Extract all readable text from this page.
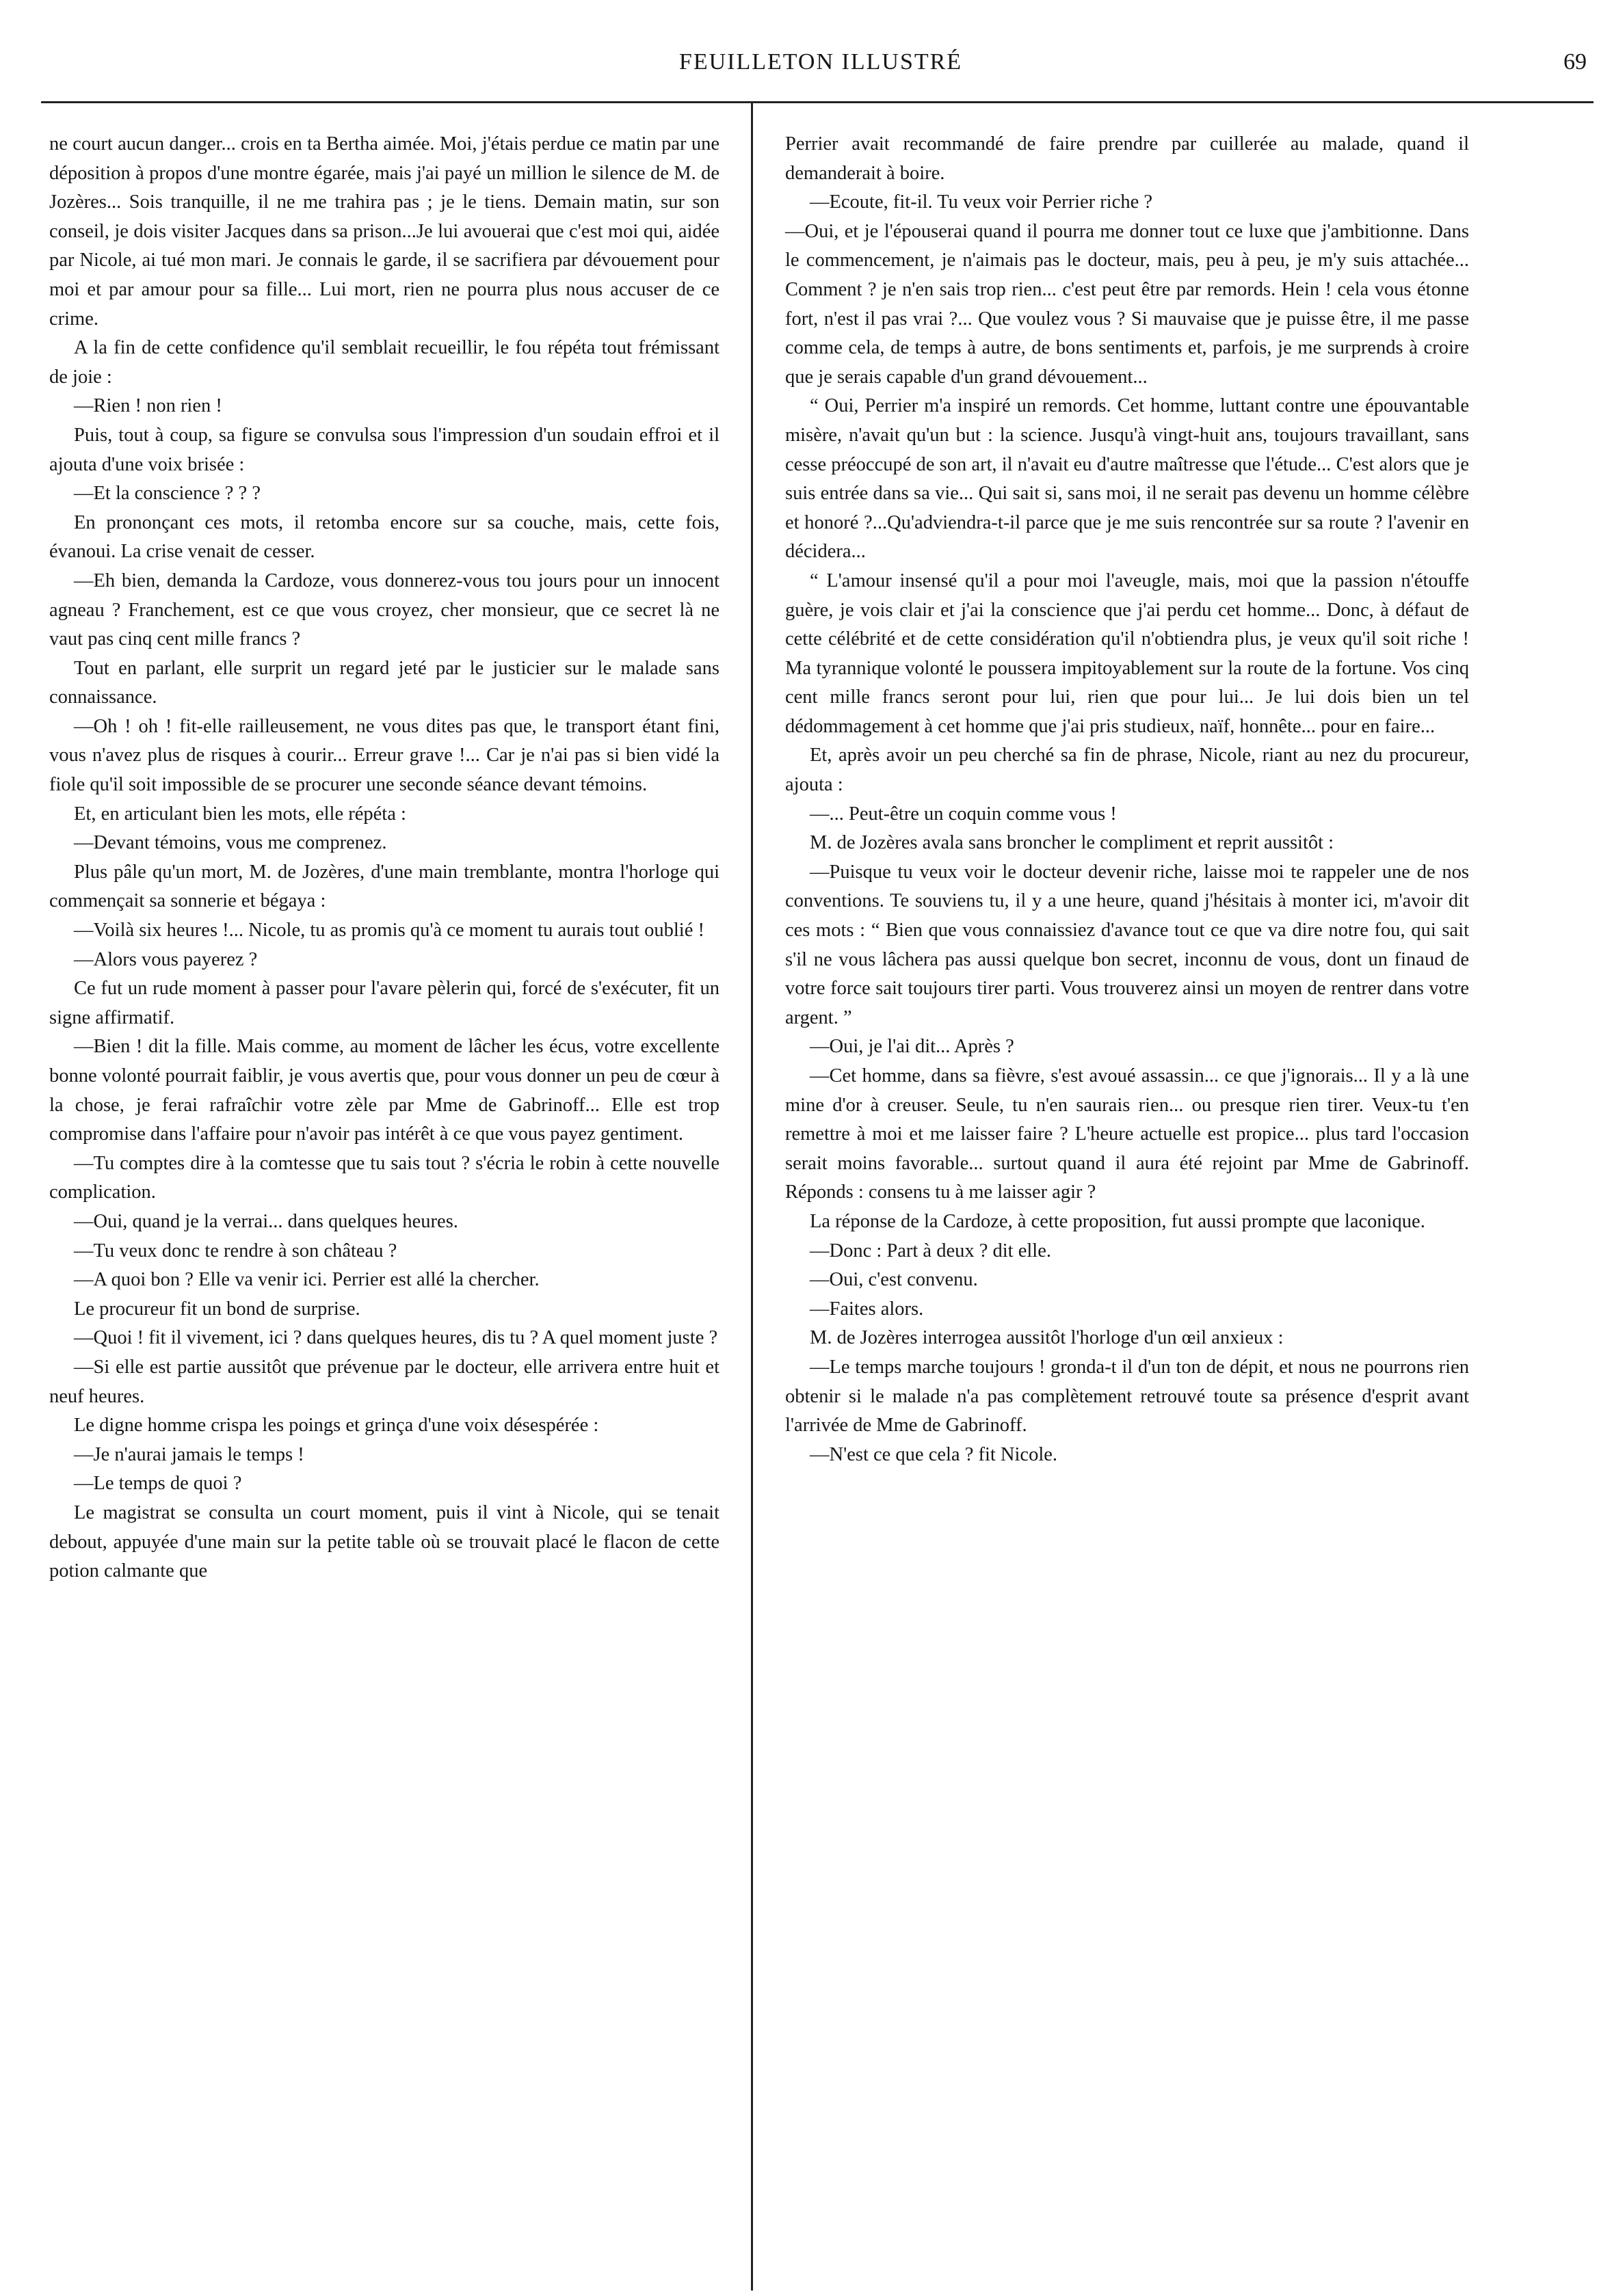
FEUILLETON ILLUSTRÉ	69

ne court aucun danger... crois en ta Bertha aimée. Moi, j'étais perdue ce matin par une déposition à propos d'une montre égarée, mais j'ai payé un million le silence de M. de Jozères... Sois tranquille, il ne me trahira pas ; je le tiens. Demain matin, sur son conseil, je dois visiter Jacques dans sa prison...Je lui avouerai que c'est moi qui, aidée par Nicole, ai tué mon mari. Je connais le garde, il se sacrifiera par dévouement pour moi et par amour pour sa fille... Lui mort, rien ne pourra plus nous accuser de ce crime.

A la fin de cette confidence qu'il semblait recueillir, le fou répéta tout frémissant de joie :

—Rien ! non rien !

Puis, tout à coup, sa figure se convulsa sous l'impression d'un soudain effroi et il ajouta d'une voix brisée :

—Et la conscience ? ? ?

En prononçant ces mots, il retomba encore sur sa couche, mais, cette fois, évanoui. La crise venait de cesser.

—Eh bien, demanda la Cardoze, vous donnerez-vous tou jours pour un innocent agneau ? Franchement, est ce que vous croyez, cher monsieur, que ce secret là ne vaut pas cinq cent mille francs ?

Tout en parlant, elle surprit un regard jeté par le justicier sur le malade sans connaissance.

—Oh ! oh ! fit-elle railleusement, ne vous dites pas que, le transport étant fini, vous n'avez plus de risques à courir... Erreur grave !... Car je n'ai pas si bien vidé la fiole qu'il soit impossible de se procurer une seconde séance devant témoins.

Et, en articulant bien les mots, elle répéta :

—Devant témoins, vous me comprenez.

Plus pâle qu'un mort, M. de Jozères, d'une main tremblante, montra l'horloge qui commençait sa sonnerie et bégaya :

—Voilà six heures !... Nicole, tu as promis qu'à ce moment tu aurais tout oublié !

—Alors vous payerez ?

Ce fut un rude moment à passer pour l'avare pèlerin qui, forcé de s'exécuter, fit un signe affirmatif.

—Bien ! dit la fille. Mais comme, au moment de lâcher les écus, votre excellente bonne volonté pourrait faiblir, je vous avertis que, pour vous donner un peu de cœur à la chose, je ferai rafraîchir votre zèle par Mme de Gabrinoff... Elle est trop compromise dans l'affaire pour n'avoir pas intérêt à ce que vous payez gentiment.

—Tu comptes dire à la comtesse que tu sais tout ? s'écria le robin à cette nouvelle complication.

—Oui, quand je la verrai... dans quelques heures.

—Tu veux donc te rendre à son château ?

—A quoi bon ? Elle va venir ici. Perrier est allé la chercher.

Le procureur fit un bond de surprise.

—Quoi ! fit il vivement, ici ? dans quelques heures, dis tu ? A quel moment juste ?

—Si elle est partie aussitôt que prévenue par le docteur, elle arrivera entre huit et neuf heures.

Le digne homme crispa les poings et grinça d'une voix désespérée :

—Je n'aurai jamais le temps !

—Le temps de quoi ?

Le magistrat se consulta un court moment, puis il vint à Nicole, qui se tenait debout, appuyée d'une main sur la petite table où se trouvait placé le flacon de cette potion calmante que

Perrier avait recommandé de faire prendre par cuillerée au malade, quand il demanderait à boire.

—Ecoute, fit-il. Tu veux voir Perrier riche ?

—Oui, et je l'épouserai quand il pourra me donner tout ce luxe que j'ambitionne. Dans le commencement, je n'aimais pas le docteur, mais, peu à peu, je m'y suis attachée... Comment ? je n'en sais trop rien... c'est peut être par remords. Hein ! cela vous étonne fort, n'est il pas vrai ?... Que voulez vous ? Si mauvaise que je puisse être, il me passe comme cela, de temps à autre, de bons sentiments et, parfois, je me surprends à croire que je serais capable d'un grand dévouement...

“ Oui, Perrier m'a inspiré un remords. Cet homme, luttant contre une épouvantable misère, n'avait qu'un but : la science. Jusqu'à vingt-huit ans, toujours travaillant, sans cesse préoccupé de son art, il n'avait eu d'autre maîtresse que l'étude... C'est alors que je suis entrée dans sa vie... Qui sait si, sans moi, il ne serait pas devenu un homme célèbre et honoré ?...Qu'adviendra-t-il parce que je me suis rencontrée sur sa route ? l'avenir en décidera...

“ L'amour insensé qu'il a pour moi l'aveugle, mais, moi que la passion n'étouffe guère, je vois clair et j'ai la conscience que j'ai perdu cet homme... Donc, à défaut de cette célébrité et de cette considération qu'il n'obtiendra plus, je veux qu'il soit riche ! Ma tyrannique volonté le poussera impitoyablement sur la route de la fortune. Vos cinq cent mille francs seront pour lui, rien que pour lui... Je lui dois bien un tel dédommagement à cet homme que j'ai pris studieux, naïf, honnête... pour en faire...

Et, après avoir un peu cherché sa fin de phrase, Nicole, riant au nez du procureur, ajouta :

—... Peut-être un coquin comme vous !

M. de Jozères avala sans broncher le compliment et reprit aussitôt :

—Puisque tu veux voir le docteur devenir riche, laisse moi te rappeler une de nos conventions. Te souviens tu, il y a une heure, quand j'hésitais à monter ici, m'avoir dit ces mots : “ Bien que vous connaissiez d'avance tout ce que va dire notre fou, qui sait s'il ne vous lâchera pas aussi quelque bon secret, inconnu de vous, dont un finaud de votre force sait toujours tirer parti. Vous trouverez ainsi un moyen de rentrer dans votre argent. ”

—Oui, je l'ai dit... Après ?

—Cet homme, dans sa fièvre, s'est avoué assassin... ce que j'ignorais... Il y a là une mine d'or à creuser. Seule, tu n'en saurais rien... ou presque rien tirer. Veux-tu t'en remettre à moi et me laisser faire ? L'heure actuelle est propice... plus tard l'occasion serait moins favorable... surtout quand il aura été rejoint par Mme de Gabrinoff. Réponds : consens tu à me laisser agir ?

La réponse de la Cardoze, à cette proposition, fut aussi prompte que laconique.

—Donc : Part à deux ? dit elle.

—Oui, c'est convenu.

—Faites alors.

M. de Jozères interrogea aussitôt l'horloge d'un œil anxieux :

—Le temps marche toujours ! gronda-t il d'un ton de dépit, et nous ne pourrons rien obtenir si le malade n'a pas complètement retrouvé toute sa présence d'esprit avant l'arrivée de Mme de Gabrinoff.

—N'est ce que cela ? fit Nicole.
